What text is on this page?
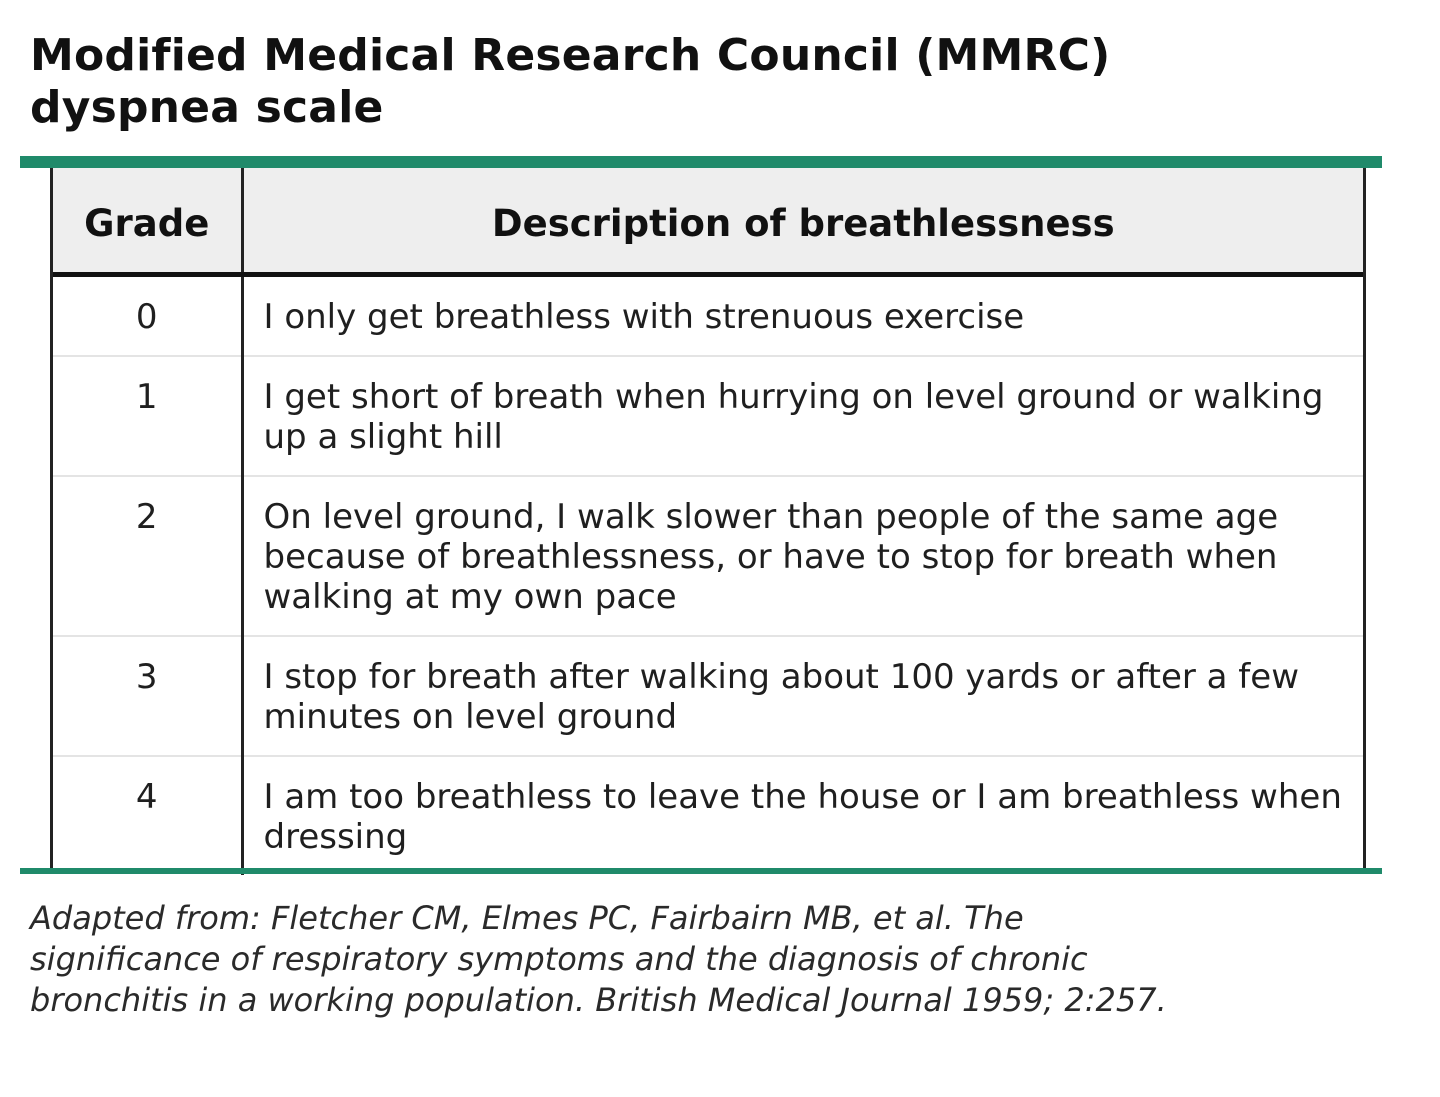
Modified Medical Research Council (MMRC) dyspnea scale
Grade	Description of breathlessness
0	I only get breathless with strenuous exercise
1	I get short of breath when hurrying on level ground or walking up a slight hill
2	On level ground, I walk slower than people of the same age because of breathlessness, or have to stop for breath when walking at my own pace
3	I stop for breath after walking about 100 yards or after a few minutes on level ground
4	I am too breathless to leave the house or I am breathless when dressing
Adapted from: Fletcher CM, Elmes PC, Fairbairn MB, et al. The significance of respiratory symptoms and the diagnosis of chronic bronchitis in a working population. British Medical Journal 1959; 2:257.
